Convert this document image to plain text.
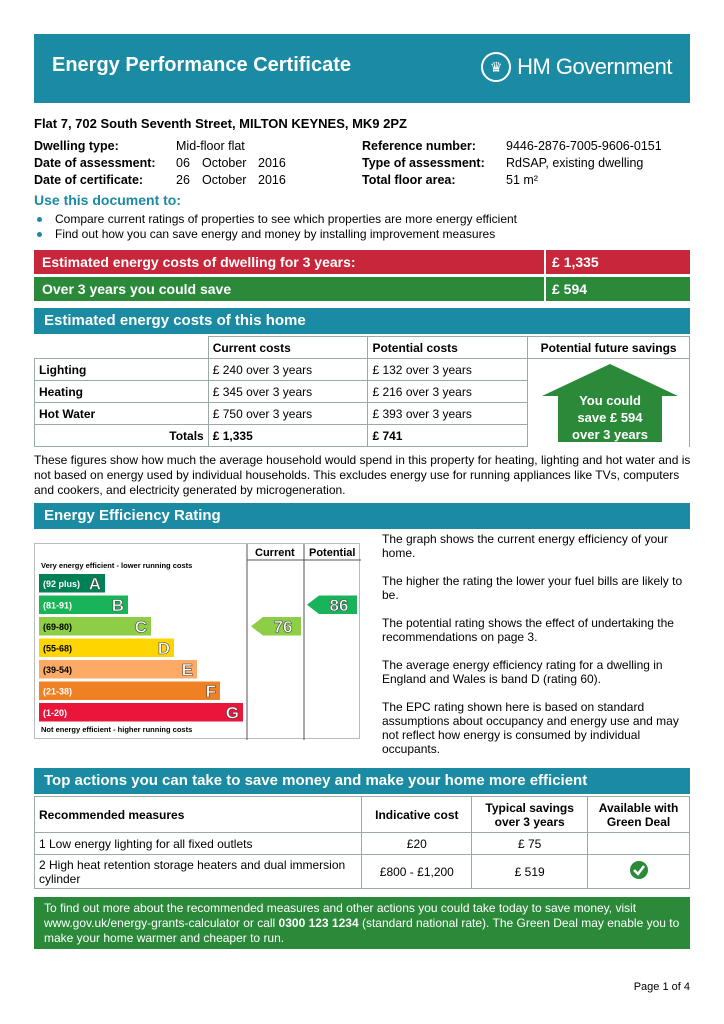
Energy Performance Certificate	♛ HM Government
Flat 7, 702 South Seventh Street, MILTON KEYNES, MK9 2PZ
Dwelling type:	Mid-floor flat
Date of assessment:	06 October 2016
Date of certificate:	26 October 2016
Reference number:	9446-2876-7005-9606-0151
Type of assessment:	RdSAP, existing dwelling
Total floor area:	51 m²
Use this document to:
Compare current ratings of properties to see which properties are more energy efficient
Find out how you can save energy and money by installing improvement measures
Estimated energy costs of dwelling for 3 years:	£ 1,335
Over 3 years you could save	£ 594
Estimated energy costs of this home
	Current costs	Potential costs	Potential future savings
Lighting	£ 240 over 3 years	£ 132 over 3 years	
Heating	£ 345 over 3 years	£ 216 over 3 years	
Hot Water	£ 750 over 3 years	£ 393 over 3 years	
Totals	£ 1,335	£ 741	
You could
save £ 594
over 3 years
These figures show how much the average household would spend in this property for heating, lighting and hot water and is not based on energy used by individual households. This excludes energy use for running appliances like TVs, computers and cookers, and electricity generated by microgeneration.
Energy Efficiency Rating
Current Potential
Very energy efficient - lower running costs
Not energy efficient - higher running costs
(92 plus) A
(81-91) B
(69-80)	C
(55-68)	D
(39-54)	E
(21-38)	F
(1-20)	G
76
86

The graph shows the current energy efficiency of your home.

The higher the rating the lower your fuel bills are likely to be.

The potential rating shows the effect of undertaking the recommendations on page 3.

The average energy efficiency rating for a dwelling in England and Wales is band D (rating 60).

The EPC rating shown here is based on standard assumptions about occupancy and energy use and may not reflect how energy is consumed by individual occupants.

Top actions you can take to save money and make your home more efficient
Recommended measures	Indicative cost	Typical savings over 3 years	Available with Green Deal
1 Low energy lighting for all fixed outlets	£20	£ 75	
2 High heat retention storage heaters and dual immersion cylinder	£800 - £1,200	£ 519	
To find out more about the recommended measures and other actions you could take today to save money, visit www.gov.uk/energy-grants-calculator or call 0300 123 1234 (standard national rate). The Green Deal may enable you to make your home warmer and cheaper to run.
Page 1 of 4
